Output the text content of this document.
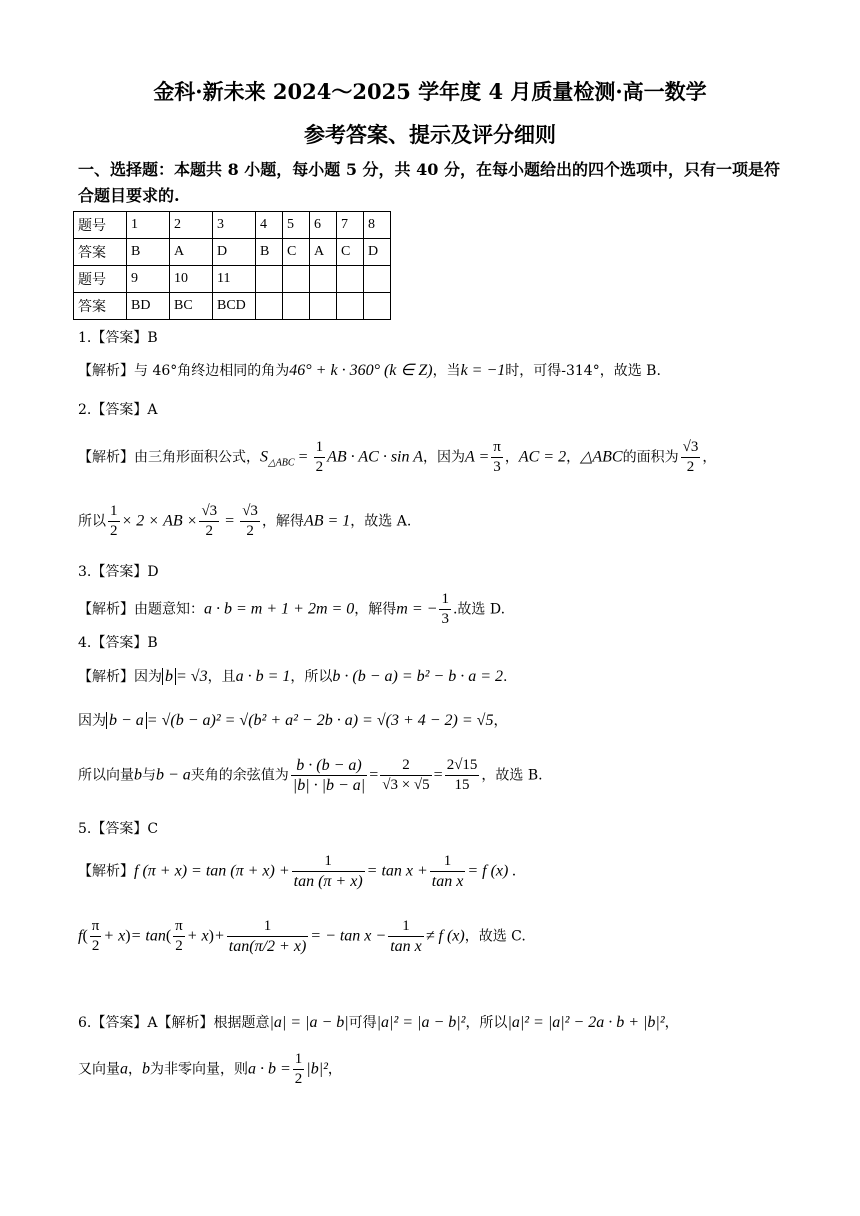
金科·新未来 2024～2025 学年度 4 月质量检测·高一数学
参考答案、提示及评分细则
一、选择题：本题共 8 小题，每小题 5 分，共 40 分，在每小题给出的四个选项中，只有一项是符合题目要求的.
题号	1	2	3	4	5	6	7	8
答案	B	A	D	B	C	A	C	D
题号	9	10	11					
答案	BD	BC	BCD					
1.【答案】B
【解析】与 46°角终边相同的角为46° + k · 360° (k ∈ Z)，当k = −1时，可得-314°，故选 B.
2.【答案】A
【解析】由三角形面积公式，$S_{\triangle ABC} = \frac{1}{2}$ AB · AC · sin A，因为$A = \frac{\pi}{3}$ ，AC = 2，△ABC的面积为 $\frac{√3}{2}$ ，
所以 $\frac{1}{2} \times 2$ × AB × $\frac{√3}{2} = \frac{√3}{2}$ ，解得AB = 1，故选 A.
3.【答案】D
【解析】由题意知：a · b = m + 1 + 2m = 0，解得m = − $\frac{1}{3}$ .故选 D.
4.【答案】B
【解析】因为 b = √3，且a · b = 1，所以b · (b − a) = b² − b · a = 2.
因为 b − a = √(b − a)² = √(b² + a² − 2b · a) = √(3 + 4 − 2) = √5，
所以向量b与b − a夹角的余弦值为 $\frac{b \cdot (b - a)}{|b| \cdot |b - a|} = \frac{2}{√3 \times √5} = \frac{2√15}{15}$ ，故选 B.
5.【答案】C
【解析】f $(\pi + x) = \tan (\pi + x) + \frac{1}{\tan (\pi + x)} = \tan x + \frac{1}{\text{tan x}} = f$ (x) .
$f( \frac{\pi}{2} + x)= \tan( \frac{\pi}{2} + x)+ \frac{1}{\tan(\pi/2 + x)}$ = − $\tan x - \frac{1}{\text{tan x}} \ne f$ (x)，故选 C.
6.【答案】A【解析】根据题意|a| = |a − b|可得|a|² = |a − b|²，所以|a|² = |a|² − 2a · b + |b|²，
又向量a，b为非零向量，则$a \cdot b = \frac{1}{2} |b|^2$，
